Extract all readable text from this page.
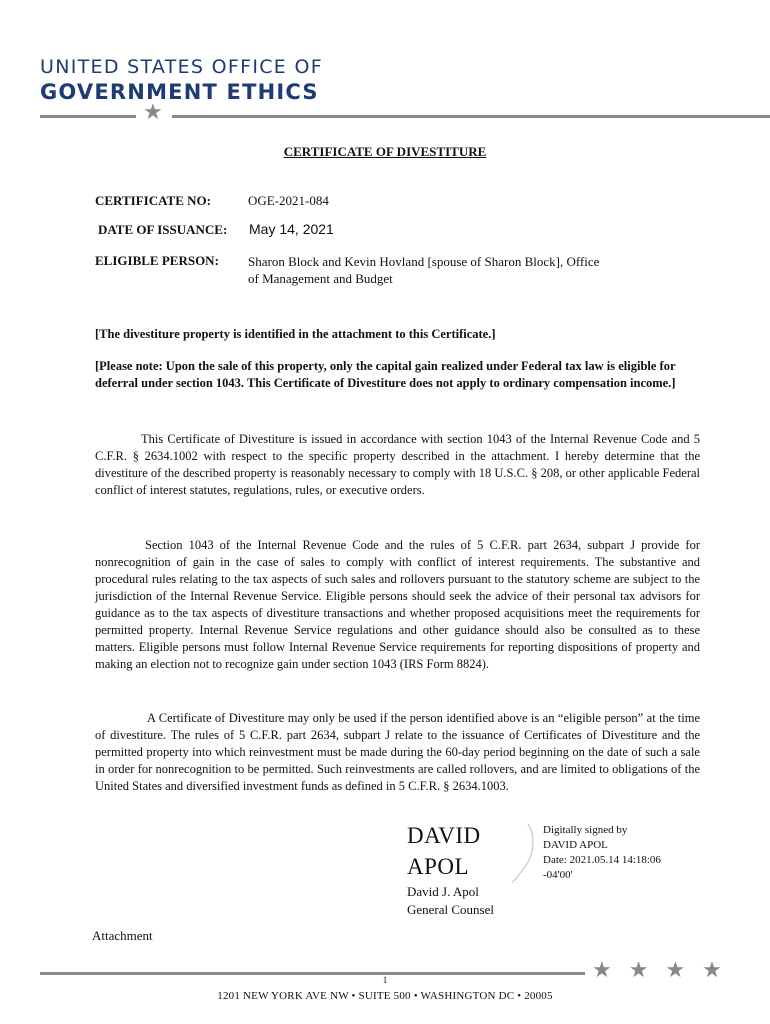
UNITED STATES OFFICE OF
GOVERNMENT ETHICS
★
CERTIFICATE OF DIVESTITURE
CERTIFICATE NO:	OGE-2021-084
DATE OF ISSUANCE: May 14, 2021
ELIGIBLE PERSON: Sharon Block and Kevin Hovland [spouse of Sharon Block], Office
of Management and Budget
[The divestiture property is identified in the attachment to this Certificate.]
[Please note: Upon the sale of this property, only the capital gain realized under Federal tax law is eligible for deferral under section 1043. This Certificate of Divestiture does not apply to ordinary compensation income.]
This Certificate of Divestiture is issued in accordance with section 1043 of the Internal Revenue Code and 5 C.F.R. § 2634.1002 with respect to the specific property described in the attachment. I hereby determine that the divestiture of the described property is reasonably necessary to comply with 18 U.S.C. § 208, or other applicable Federal conflict of interest statutes, regulations, rules, or executive orders.
Section 1043 of the Internal Revenue Code and the rules of 5 C.F.R. part 2634, subpart J provide for nonrecognition of gain in the case of sales to comply with conflict of interest requirements. The substantive and procedural rules relating to the tax aspects of such sales and rollovers pursuant to the statutory scheme are subject to the jurisdiction of the Internal Revenue Service. Eligible persons should seek the advice of their personal tax advisors for guidance as to the tax aspects of divestiture transactions and whether proposed acquisitions meet the requirements for permitted property. Internal Revenue Service regulations and other guidance should also be consulted as to these matters. Eligible persons must follow Internal Revenue Service requirements for reporting dispositions of property and making an election not to recognize gain under section 1043 (IRS Form 8824).
A Certificate of Divestiture may only be used if the person identified above is an “eligible person” at the time of divestiture. The rules of 5 C.F.R. part 2634, subpart J relate to the issuance of Certificates of Divestiture and the permitted property into which reinvestment must be made during the 60-day period beginning on the date of such a sale in order for nonrecognition to be permitted. Such reinvestments are called rollovers, and are limited to obligations of the United States and diversified investment funds as defined in 5 C.F.R. § 2634.1003.
DAVID
APOL
Digitally signed by
DAVID APOL
Date: 2021.05.14 14:18:06
-04'00'
David J. Apol
General Counsel
Attachment
★★★★
1
1201 NEW YORK AVE NW • SUITE 500 • WASHINGTON DC • 20005
